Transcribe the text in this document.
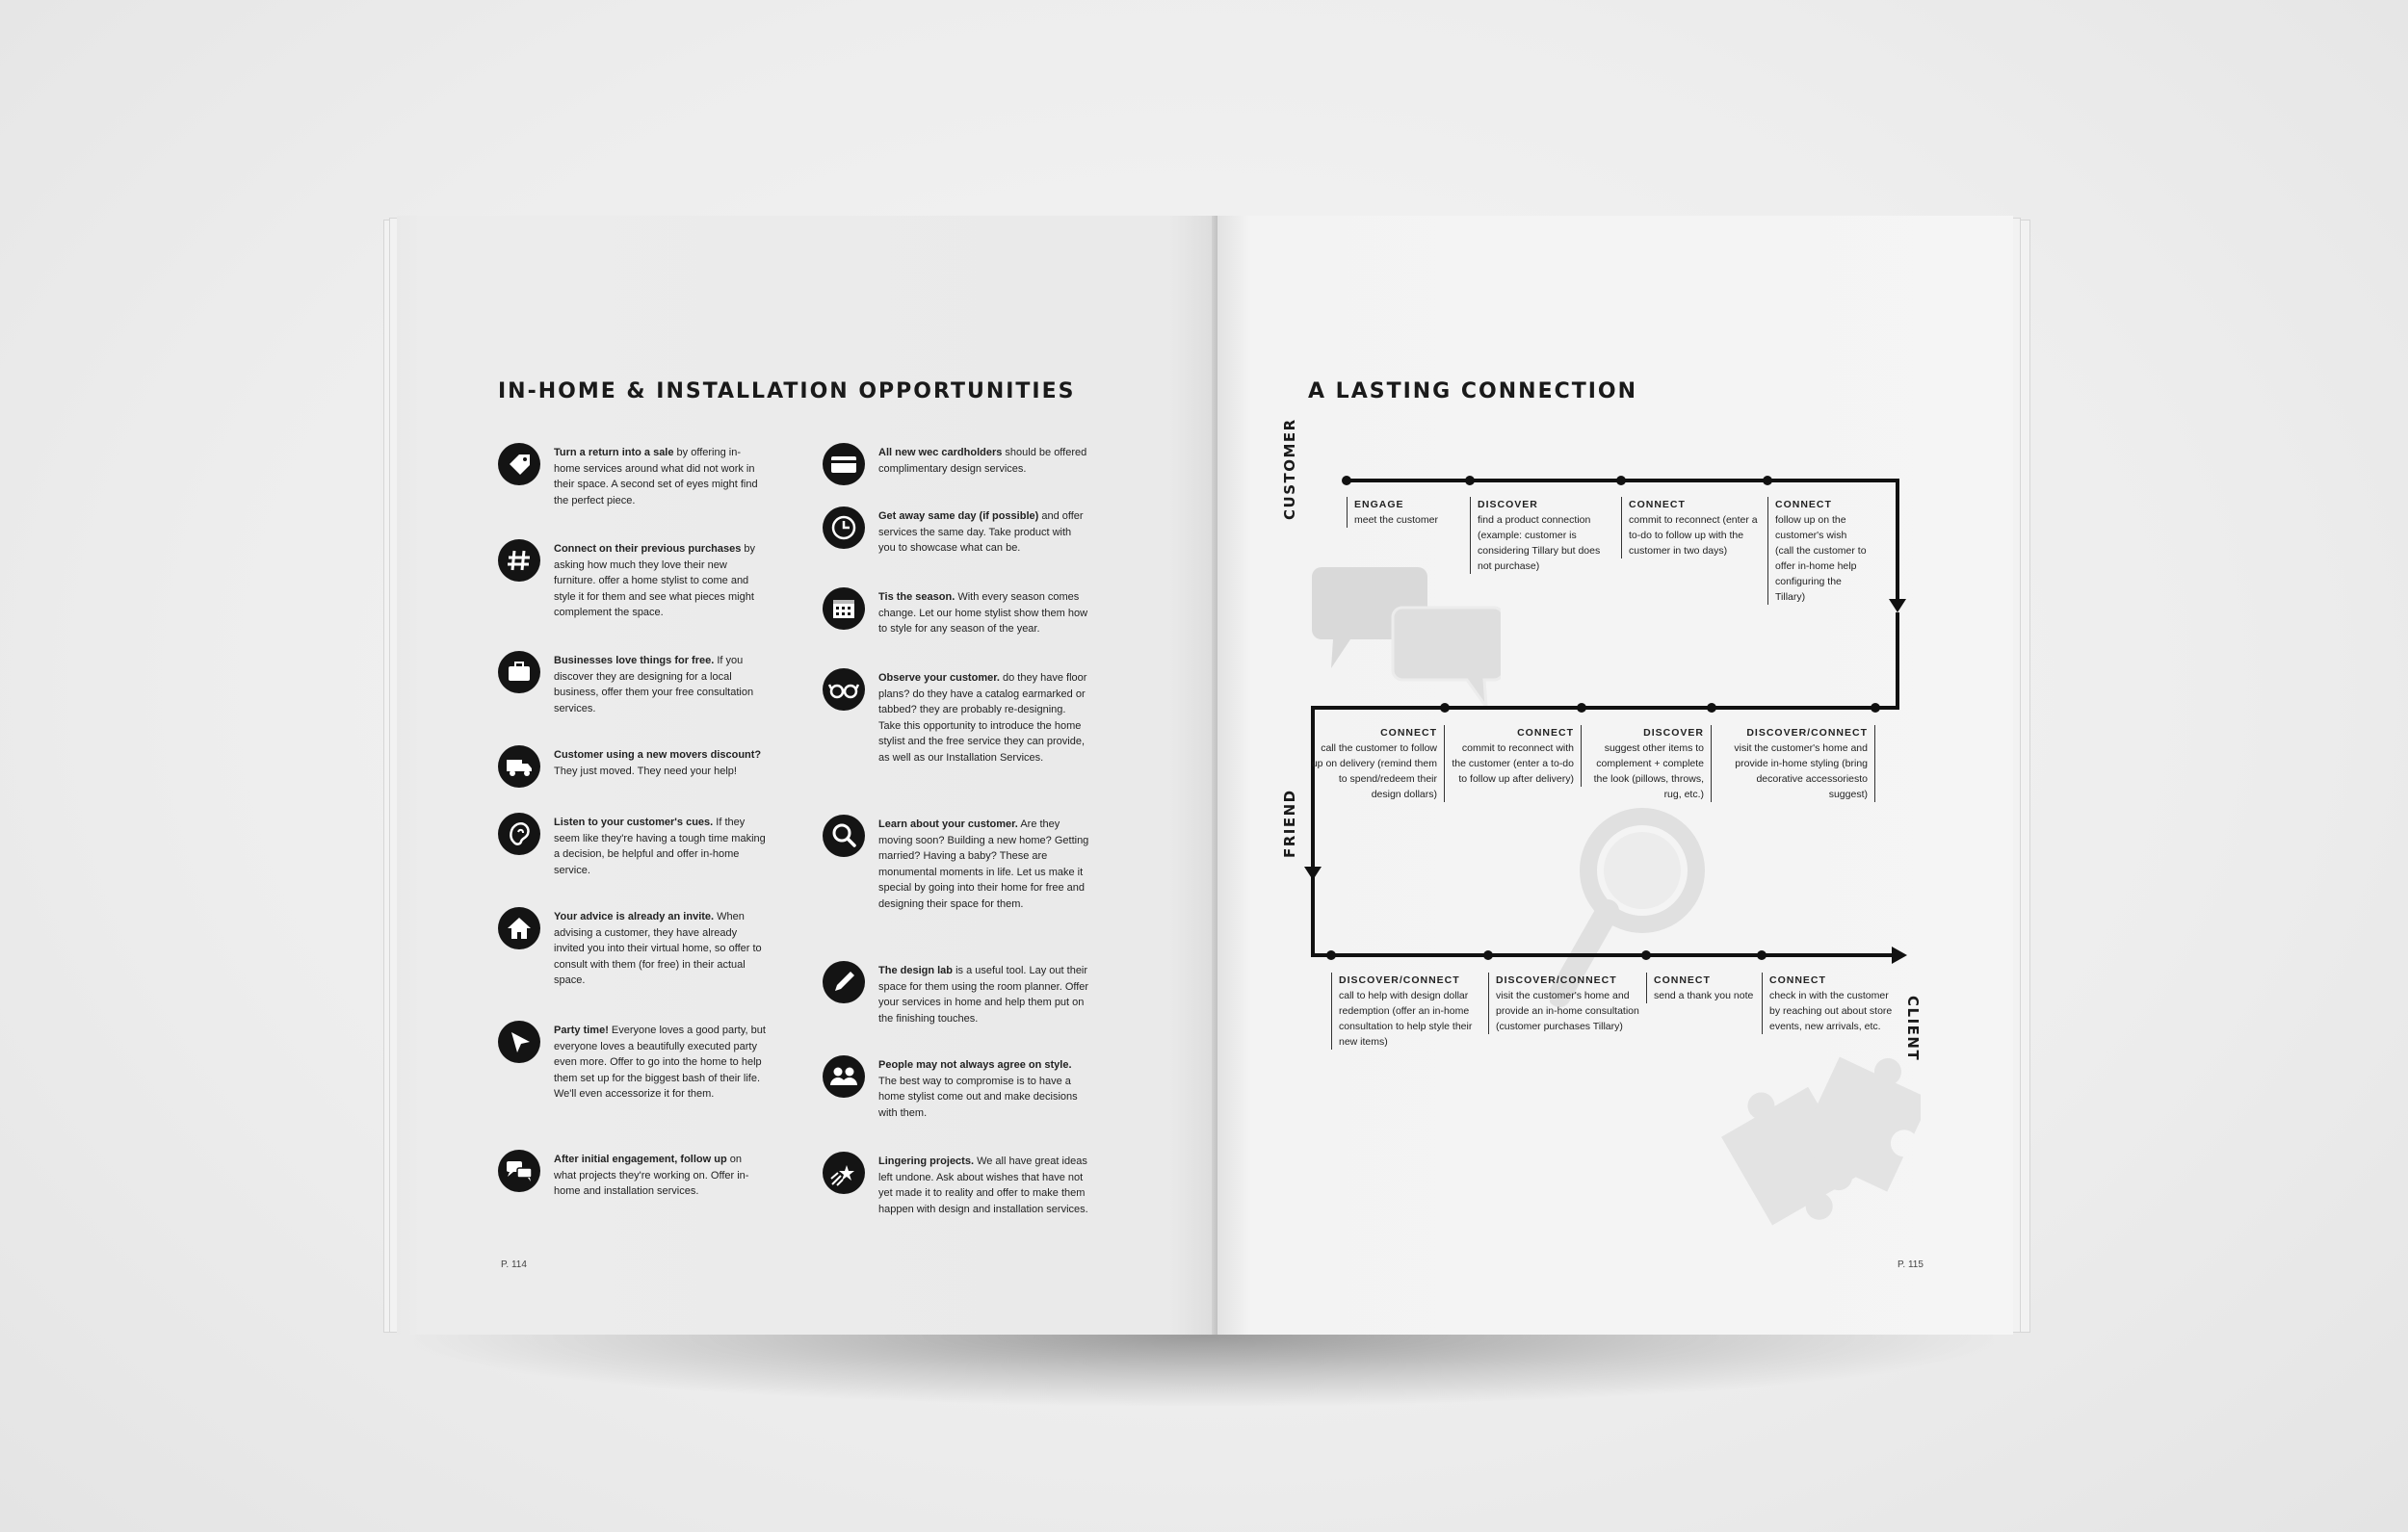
IN-HOME & INSTALLATION OPPORTUNITIES
Turn a return into a sale by offering in-home services around what did not work in their space. A second set of eyes might find the perfect piece.
Connect on their previous purchases by asking how much they love their new furniture. offer a home stylist to come and style it for them and see what pieces might complement the space.
Businesses love things for free. If you discover they are designing for a local business, offer them your free consultation services.
Customer using a new movers discount? They just moved. They need your help!
Listen to your customer's cues. If they seem like they're having a tough time making a decision, be helpful and offer in-home service.
Your advice is already an invite. When advising a customer, they have already invited you into their virtual home, so offer to consult with them (for free) in their actual space.
Party time! Everyone loves a good party, but everyone loves a beautifully executed party even more. Offer to go into the home to help them set up for the biggest bash of their life. We'll even accessorize it for them.
After initial engagement, follow up on what projects they're working on. Offer in-home and installation services.
All new wec cardholders should be offered complimentary design services.
Get away same day (if possible) and offer services the same day. Take product with you to showcase what can be.
Tis the season. With every season comes change. Let our home stylist show them how to style for any season of the year.
Observe your customer. do they have floor plans? do they have a catalog earmarked or tabbed? they are probably re-designing. Take this opportunity to introduce the home stylist and the free service they can provide, as well as our Installation Services.
Learn about your customer. Are they moving soon? Building a new home? Getting married? Having a baby? These are monumental moments in life. Let us make it special by going into their home for free and designing their space for them.
The design lab is a useful tool. Lay out their space for them using the room planner. Offer your services in home and help them put on the finishing touches.
People may not always agree on style. The best way to compromise is to have a home stylist come out and make decisions with them.
Lingering projects. We all have great ideas left undone. Ask about wishes that have not yet made it to reality and offer to make them happen with design and installation services.
P. 114
A LASTING CONNECTION
CUSTOMER
FRIEND
CLIENT
ENGAGE
meet the customer
DISCOVER
find a product connection (example: customer is considering Tillary but does not purchase)
CONNECT
commit to reconnect (enter a to-do to follow up with the customer in two days)
CONNECT
follow up on the customer's wish (call the customer to offer in-home help configuring the Tillary)
CONNECT
call the customer to follow up on delivery (remind them to spend/redeem their design dollars)
CONNECT
commit to reconnect with the customer (enter a to-do to follow up after delivery)
DISCOVER
suggest other items to complement + complete the look (pillows, throws, rug, etc.)
DISCOVER/CONNECT
visit the customer's home and provide in-home styling (bring decorative accessoriesto suggest)
DISCOVER/CONNECT
call to help with design dollar redemption (offer an in-home consultation to help style their new items)
DISCOVER/CONNECT
visit the customer's home and provide an in-home consultation (customer purchases Tillary)
CONNECT
send a thank you note
CONNECT
check in with the customer by reaching out about store events, new arrivals, etc.
P. 115
